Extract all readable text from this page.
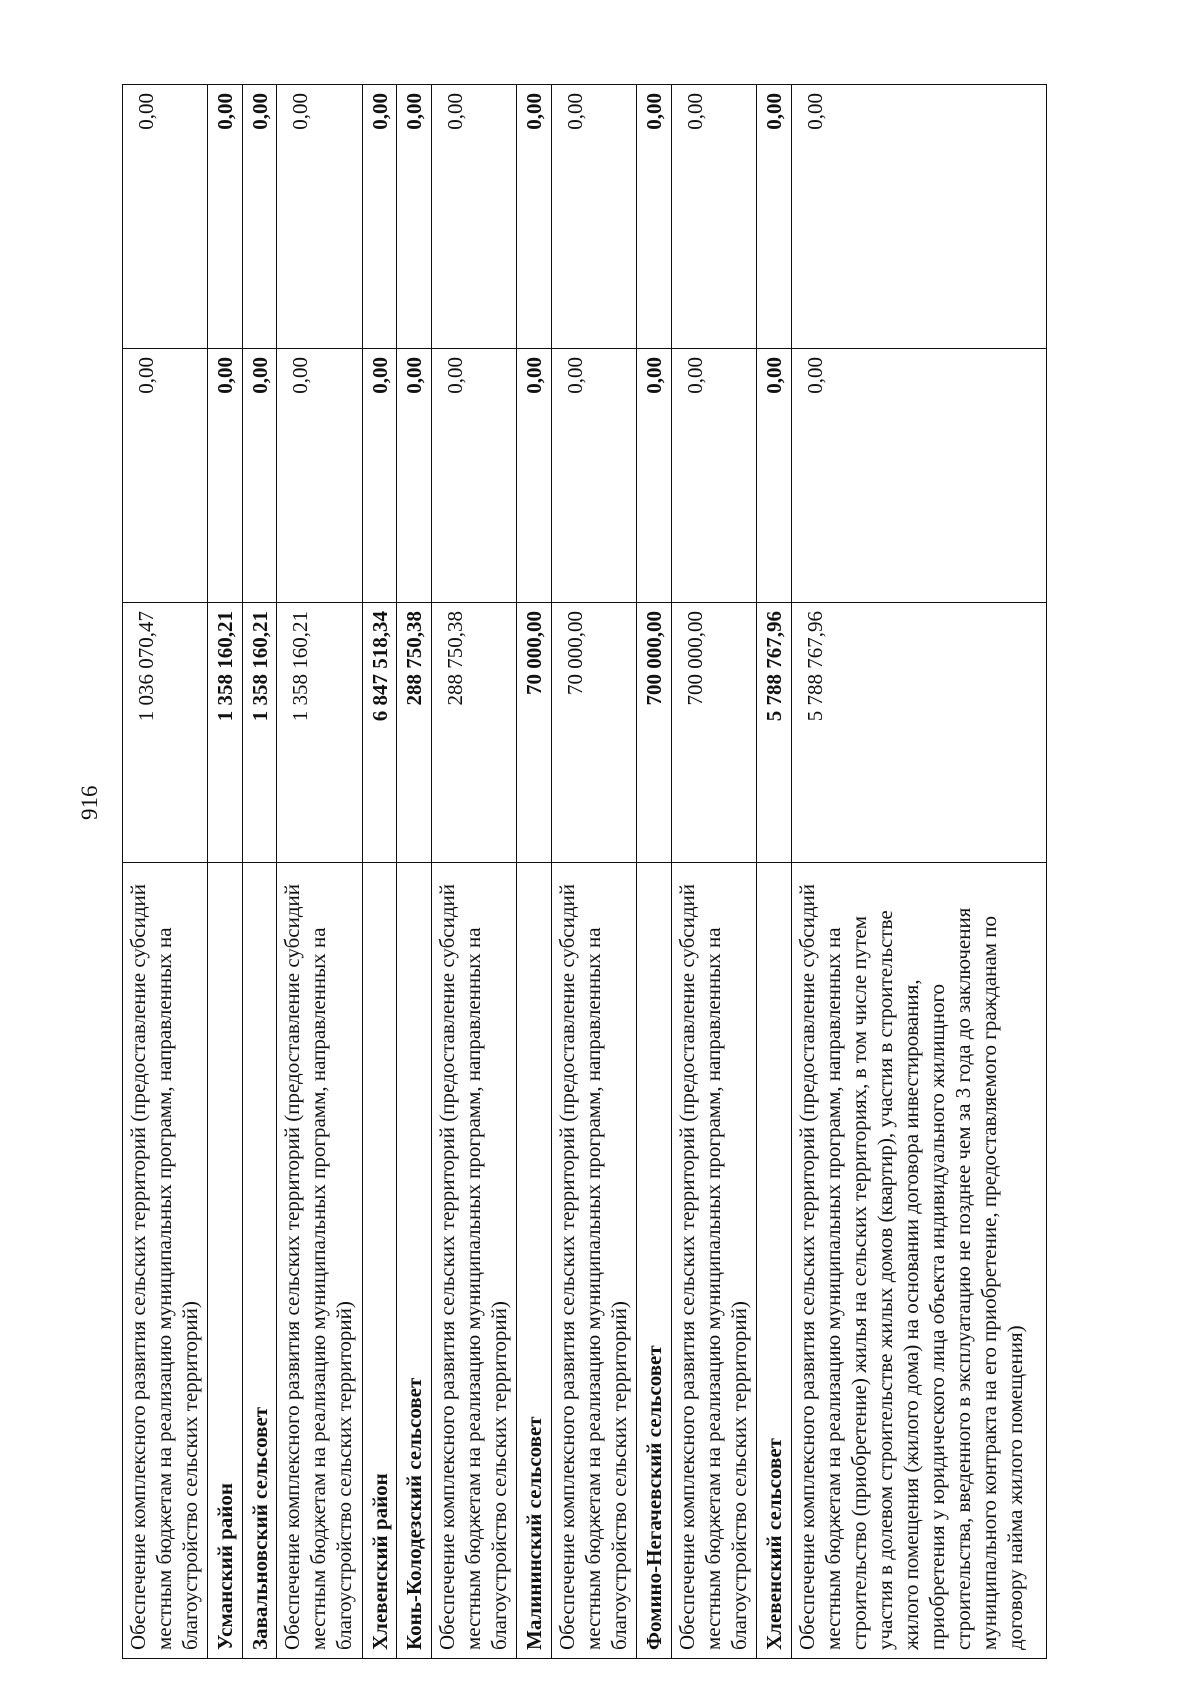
916
Обеспечение комплексного развития сельских территорий (предоставление субсидий местным бюджетам на реализацию муниципальных программ, направленных на благоустройство сельских территорий)	1 036 070,47	0,00	0,00
Усманский район	1 358 160,21	0,00	0,00
Завальновский сельсовет	1 358 160,21	0,00	0,00
Обеспечение комплексного развития сельских территорий (предоставление субсидий местным бюджетам на реализацию муниципальных программ, направленных на благоустройство сельских территорий)	1 358 160,21	0,00	0,00
Хлевенский район	6 847 518,34	0,00	0,00
Конь-Колодезский сельсовет	288 750,38	0,00	0,00
Обеспечение комплексного развития сельских территорий (предоставление субсидий местным бюджетам на реализацию муниципальных программ, направленных на благоустройство сельских территорий)	288 750,38	0,00	0,00
Малининский сельсовет	70 000,00	0,00	0,00
Обеспечение комплексного развития сельских территорий (предоставление субсидий местным бюджетам на реализацию муниципальных программ, направленных на благоустройство сельских территорий)	70 000,00	0,00	0,00
Фомино-Негачевский сельсовет	700 000,00	0,00	0,00
Обеспечение комплексного развития сельских территорий (предоставление субсидий местным бюджетам на реализацию муниципальных программ, направленных на благоустройство сельских территорий)	700 000,00	0,00	0,00
Хлевенский сельсовет	5 788 767,96	0,00	0,00
Обеспечение комплексного развития сельских территорий (предоставление субсидий местным бюджетам на реализацию муниципальных программ, направленных на строительство (приобретение) жилья на сельских территориях, в том числе путем участия в долевом строительстве жилых домов (квартир), участия в строительстве жилого помещения (жилого дома) на основании договора инвестирования, приобретения у юридического лица объекта индивидуального жилищного строительства, введенного в эксплуатацию не позднее чем за 3 года до заключения муниципального контракта на его приобретение, предоставляемого гражданам по договору найма жилого помещения)	5 788 767,96	0,00	0,00
